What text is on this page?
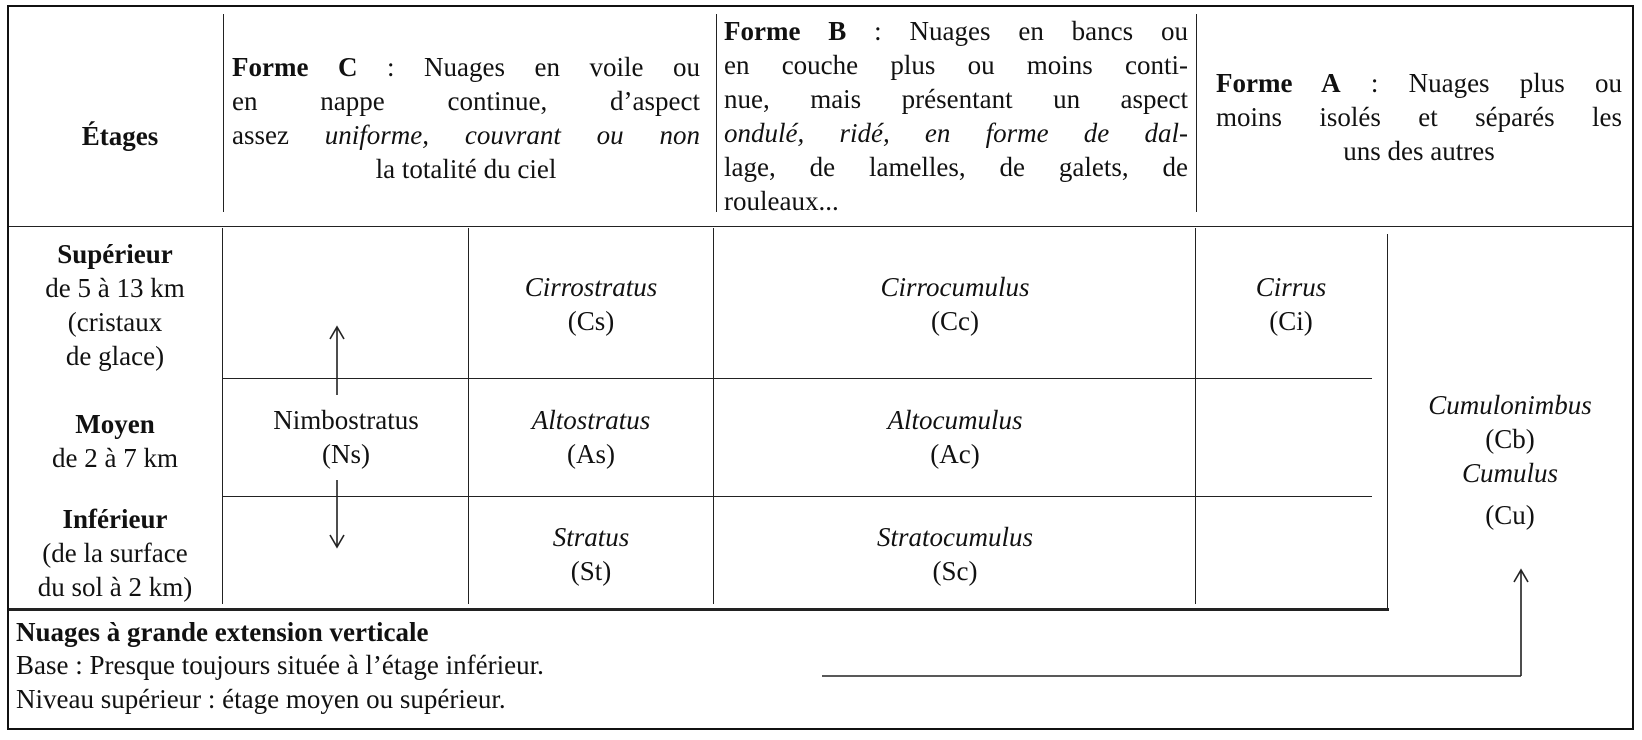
Étages
Forme C : Nuages en voile ou
en nappe continue, d’aspect
assez uniforme, couvrant ou non
la totalité du ciel
Forme B : Nuages en bancs ou
en couche plus ou moins conti-
nue, mais présentant un aspect
ondulé, ridé, en forme de dal-
lage, de lamelles, de galets, de
rouleaux...
Forme A : Nuages plus ou
moins isolés et séparés les
uns des autres
Supérieur
de 5 à 13 km
(cristaux
de glace)
Moyen
de 2 à 7 km
Inférieur
(de la surface
du sol à 2 km)
Nimbostratus
(Ns)
Cirrostratus
(Cs)
Cirrocumulus
(Cc)
Cirrus
(Ci)
Altostratus
(As)
Altocumulus
(Ac)
Stratus
(St)
Stratocumulus
(Sc)
Cumulonimbus
(Cb)
Cumulus
(Cu)
Nuages à grande extension verticale
Base : Presque toujours située à l’étage inférieur.
Niveau supérieur : étage moyen ou supérieur.
